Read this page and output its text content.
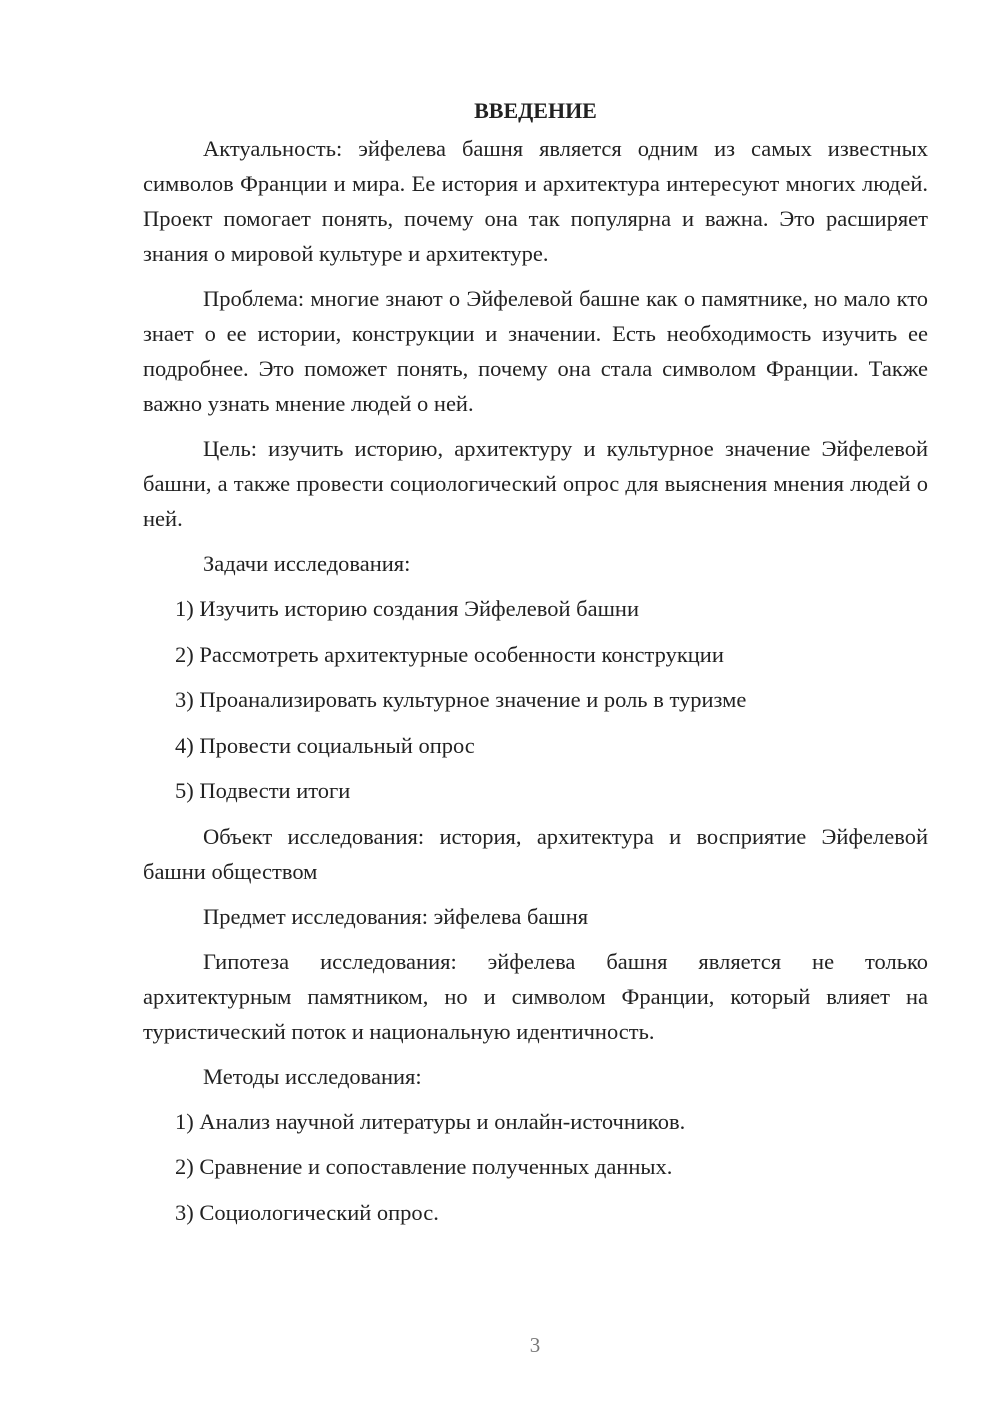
ВВЕДЕНИЕ

Актуальность: эйфелева башня является одним из самых известных символов Франции и мира. Ее история и архитектура интересуют многих людей. Проект помогает понять, почему она так популярна и важна. Это расширяет знания о мировой культуре и архитектуре.

Проблема: многие знают о Эйфелевой башне как о памятнике, но мало кто знает о ее истории, конструкции и значении. Есть необходимость изучить ее подробнее. Это поможет понять, почему она стала символом Франции. Также важно узнать мнение людей о ней.

Цель: изучить историю, архитектуру и культурное значение Эйфелевой башни, а также провести социологический опрос для выяснения мнения людей о ней.

Задачи исследования:
1) Изучить историю создания Эйфелевой башни
2) Рассмотреть архитектурные особенности конструкции
3) Проанализировать культурное значение и роль в туризме
4) Провести социальный опрос
5) Подвести итоги

Объект исследования: история, архитектура и восприятие Эйфелевой башни обществом

Предмет исследования: эйфелева башня

Гипотеза исследования: эйфелева башня является не только архитектурным памятником, но и символом Франции, который влияет на туристический поток и национальную идентичность.

Методы исследования:
1) Анализ научной литературы и онлайн-источников.
2) Сравнение и сопоставление полученных данных.
3) Социологический опрос.
3
